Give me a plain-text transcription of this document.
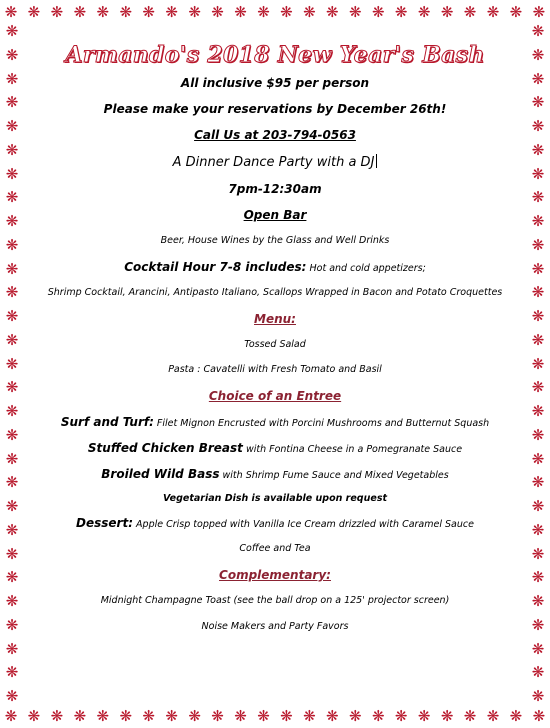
❋ ❋ ❋ ❋ ❋ ❋ ❋ ❋ ❋ ❋ ❋ ❋ ❋ ❋ ❋ ❋ ❋ ❋ ❋ ❋ ❋ ❋ ❋ ❋
❋ ❋ ❋ ❋ ❋ ❋ ❋ ❋ ❋ ❋ ❋ ❋ ❋ ❋ ❋ ❋ ❋ ❋ ❋ ❋ ❋ ❋ ❋ ❋
❋
❋
❋
❋
❋
❋
❋
❋
❋
❋
❋
❋
❋
❋
❋
❋
❋
❋
❋
❋
❋
❋
❋
❋
❋
❋
❋
❋
❋
❋
❋
❋
❋
❋
❋
❋
❋
❋
❋
❋
❋
❋
❋
❋
❋
❋
❋
❋
❋
❋
❋
❋
❋
❋
❋
❋
❋
❋
Armando's 2018 New Year's Bash
All inclusive $95 per person
Please make your reservations by December 26th!
Call Us at 203-794-0563
A Dinner Dance Party with a DJ
7pm-12:30am
Open Bar
Beer, House Wines by the Glass and Well Drinks
Cocktail Hour 7-8 includes: Hot and cold appetizers;
Shrimp Cocktail, Arancini, Antipasto Italiano, Scallops Wrapped in Bacon and Potato Croquettes
Menu:
Tossed Salad
Pasta : Cavatelli with Fresh Tomato and Basil
Choice of an Entree
Surf and Turf: Filet Mignon Encrusted with Porcini Mushrooms and Butternut Squash
Stuffed Chicken Breast with Fontina Cheese in a Pomegranate Sauce
Broiled Wild Bass with Shrimp Fume Sauce and Mixed Vegetables
Vegetarian Dish is available upon request
Dessert: Apple Crisp topped with Vanilla Ice Cream drizzled with Caramel Sauce
Coffee and Tea
Complementary:
Midnight Champagne Toast (see the ball drop on a 125' projector screen)
Noise Makers and Party Favors
